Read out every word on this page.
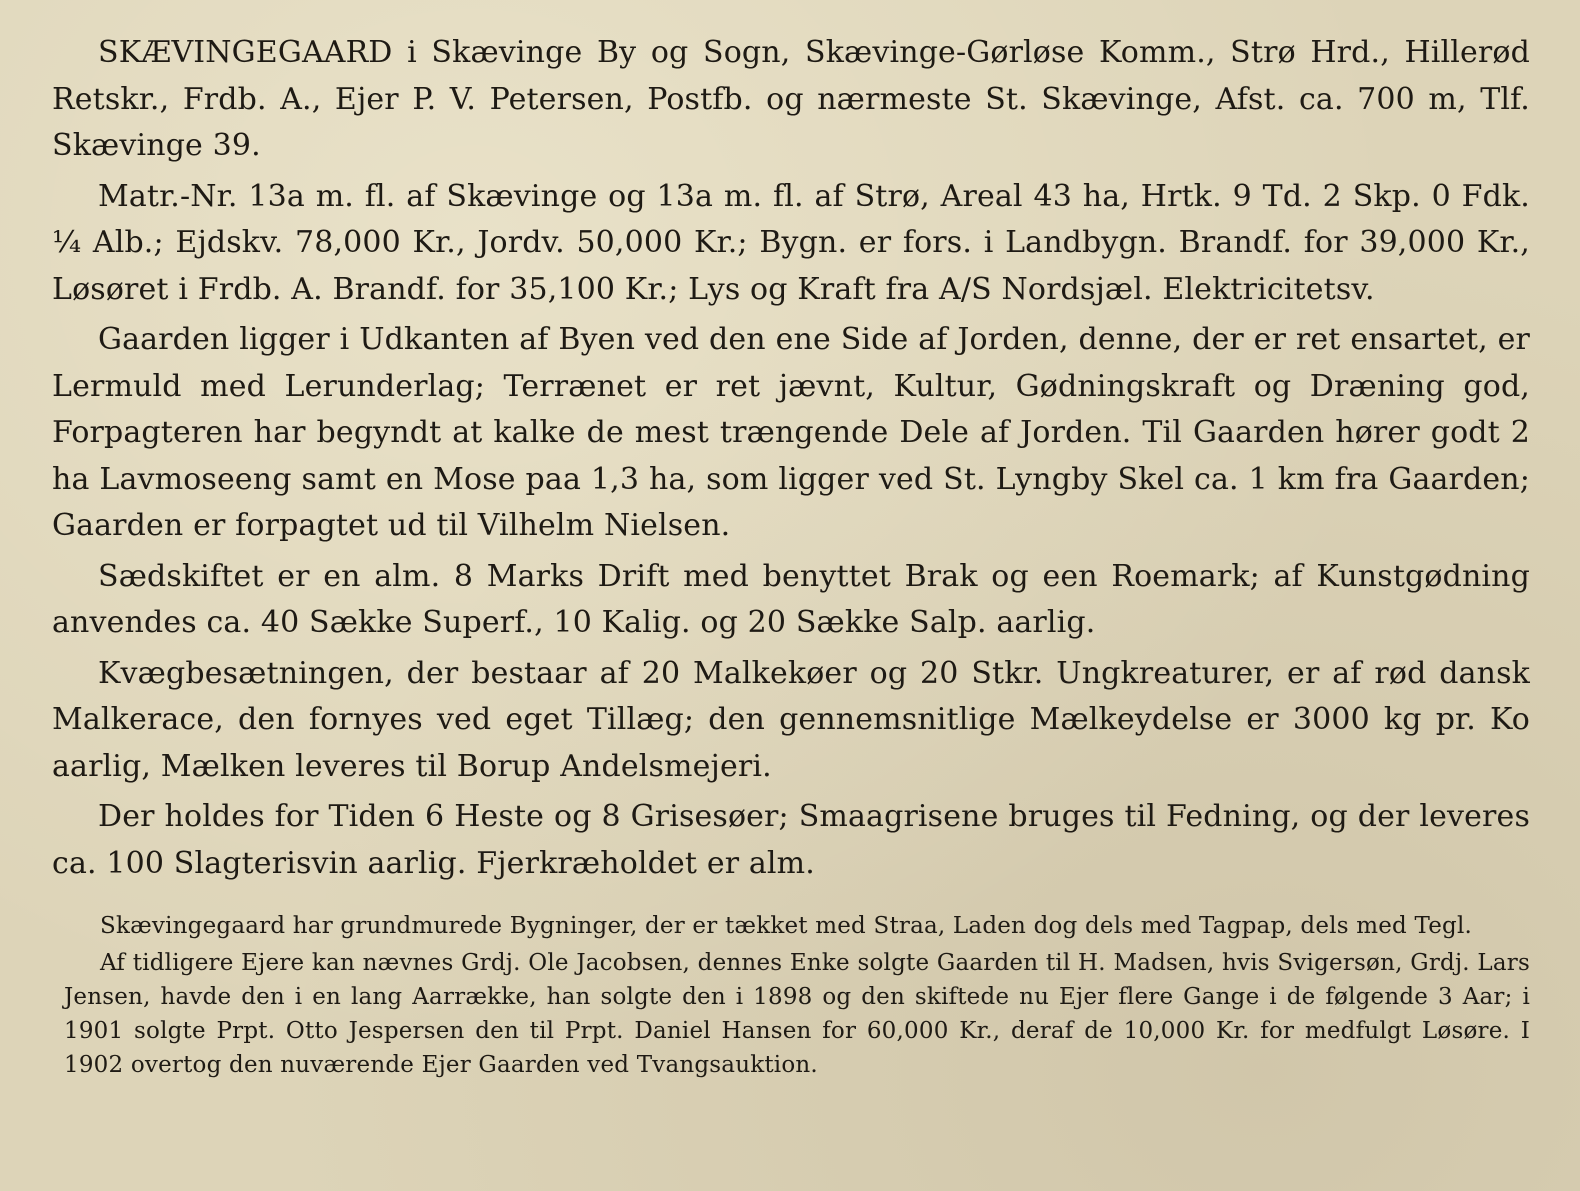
SKÆVINGEGAARD i Skævinge By og Sogn, Skævinge-Gørløse Komm., Strø Hrd., Hillerød Retskr., Frdb. A., Ejer P. V. Petersen, Postfb. og nærmeste St. Skævinge, Afst. ca. 700 m, Tlf. Skævinge 39.

Matr.-Nr. 13a m. fl. af Skævinge og 13a m. fl. af Strø, Areal 43 ha, Hrtk. 9 Td. 2 Skp. 0 Fdk. ¼ Alb.; Ejdskv. 78,000 Kr., Jordv. 50,000 Kr.; Bygn. er fors. i Landbygn. Brandf. for 39,000 Kr., Løsøret i Frdb. A. Brandf. for 35,100 Kr.; Lys og Kraft fra A/S Nordsjæl. Elektricitetsv.

Gaarden ligger i Udkanten af Byen ved den ene Side af Jorden, denne, der er ret ensartet, er Lermuld med Lerunderlag; Terrænet er ret jævnt, Kultur, Gødningskraft og Dræning god, Forpagteren har begyndt at kalke de mest trængende Dele af Jorden. Til Gaarden hører godt 2 ha Lavmoseeng samt en Mose paa 1,3 ha, som ligger ved St. Lyngby Skel ca. 1 km fra Gaarden; Gaarden er forpagtet ud til Vilhelm Nielsen.

Sædskiftet er en alm. 8 Marks Drift med benyttet Brak og een Roemark; af Kunstgødning anvendes ca. 40 Sække Superf., 10 Kalig. og 20 Sække Salp. aarlig.

Kvægbesætningen, der bestaar af 20 Malkekøer og 20 Stkr. Ungkreaturer, er af rød dansk Malkerace, den fornyes ved eget Tillæg; den gennemsnitlige Mælkeydelse er 3000 kg pr. Ko aarlig, Mælken leveres til Borup Andelsmejeri.

Der holdes for Tiden 6 Heste og 8 Grisesøer; Smaagrisene bruges til Fedning, og der leveres ca. 100 Slagterisvin aarlig. Fjerkræholdet er alm.

Skævingegaard har grundmurede Bygninger, der er tækket med Straa, Laden dog dels med Tagpap, dels med Tegl.

Af tidligere Ejere kan nævnes Grdj. Ole Jacobsen, dennes Enke solgte Gaarden til H. Madsen, hvis Svigersøn, Grdj. Lars Jensen, havde den i en lang Aarrække, han solgte den i 1898 og den skiftede nu Ejer flere Gange i de følgende 3 Aar; i 1901 solgte Prpt. Otto Jespersen den til Prpt. Daniel Hansen for 60,000 Kr., deraf de 10,000 Kr. for medfulgt Løsøre. I 1902 overtog den nuværende Ejer Gaarden ved Tvangsauktion.
